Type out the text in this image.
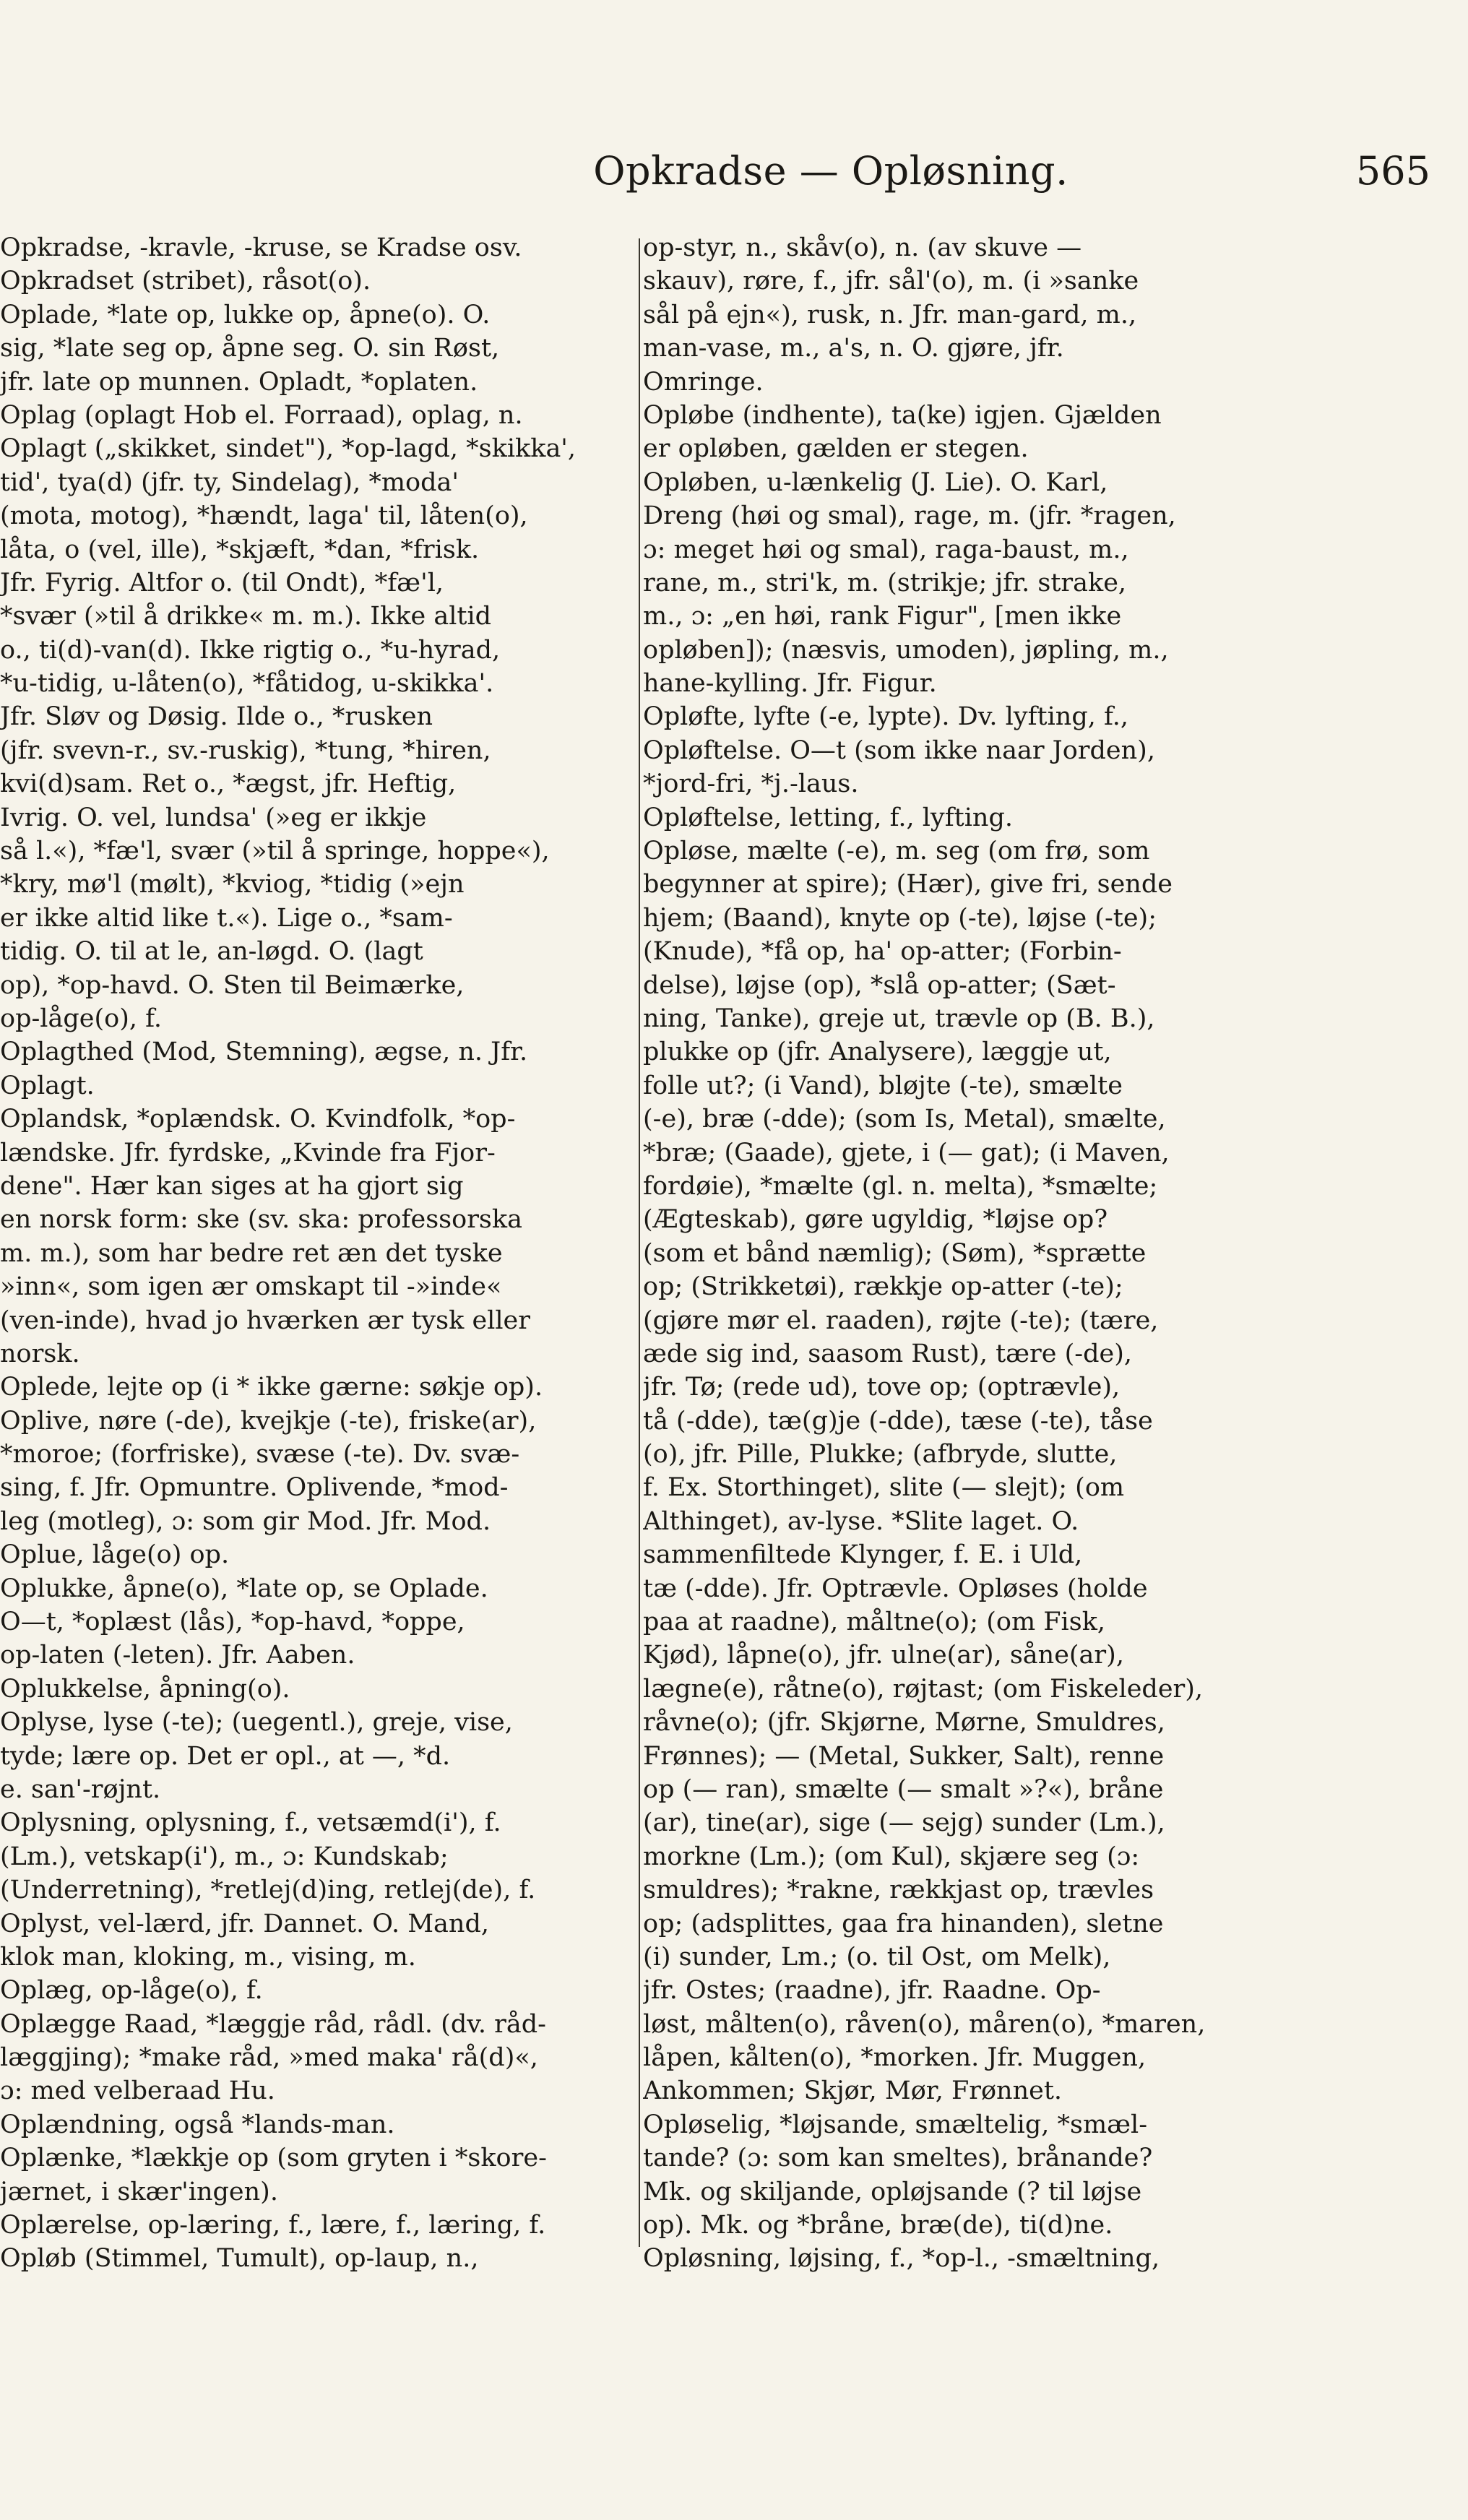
Opkradse — Opløsning.	565
Opkradse, -kravle, -kruse, se Kradse osv.
Opkradset (stribet), råsot(o).
Oplade, *late op, lukke op, åpne(o). O.
sig, *late seg op, åpne seg. O. sin Røst,
jfr. late op munnen. Opladt, *oplaten.
Oplag (oplagt Hob el. Forraad), oplag, n.
Oplagt („skikket, sindet"), *op-lagd, *skikka',
tid', tya(d) (jfr. ty, Sindelag), *moda'
(mota, motog), *hændt, laga' til, låten(o),
låta, o (vel, ille), *skjæft, *dan, *frisk.
Jfr. Fyrig. Altfor o. (til Ondt), *fæ'l,
*svær (»til å drikke« m. m.). Ikke altid
o., ti(d)-van(d). Ikke rigtig o., *u-hyrad,
*u-tidig, u-låten(o), *fåtidog, u-skikka'.
Jfr. Sløv og Døsig. Ilde o., *rusken
(jfr. svevn-r., sv.-ruskig), *tung, *hiren,
kvi(d)sam. Ret o., *ægst, jfr. Heftig,
Ivrig. O. vel, lundsa' (»eg er ikkje
så l.«), *fæ'l, svær (»til å springe, hoppe«),
*kry, mø'l (mølt), *kviog, *tidig (»ejn
er ikke altid like t.«). Lige o., *sam-
tidig. O. til at le, an-løgd. O. (lagt
op), *op-havd. O. Sten til Beimærke,
op-låge(o), f.
Oplagthed (Mod, Stemning), ægse, n. Jfr.
Oplagt.
Oplandsk, *oplændsk. O. Kvindfolk, *op-
lændske. Jfr. fyrdske, „Kvinde fra Fjor-
dene". Hær kan siges at ha gjort sig
en norsk form: ske (sv. ska: professorska
m. m.), som har bedre ret æn det tyske
»inn«, som igen ær omskapt til -»inde«
(ven-inde), hvad jo hværken ær tysk eller
norsk.
Oplede, lejte op (i * ikke gærne: søkje op).
Oplive, nøre (-de), kvejkje (-te), friske(ar),
*moroe; (forfriske), svæse (-te). Dv. svæ-
sing, f. Jfr. Opmuntre. Oplivende, *mod-
leg (motleg), ɔ: som gir Mod. Jfr. Mod.
Oplue, låge(o) op.
Oplukke, åpne(o), *late op, se Oplade.
O—t, *oplæst (lås), *op-havd, *oppe,
op-laten (-leten). Jfr. Aaben.
Oplukkelse, åpning(o).
Oplyse, lyse (-te); (uegentl.), greje, vise,
tyde; lære op. Det er opl., at —, *d.
e. san'-røjnt.
Oplysning, oplysning, f., vetsæmd(i'), f.
(Lm.), vetskap(i'), m., ɔ: Kundskab;
(Underretning), *retlej(d)ing, retlej(de), f.
Oplyst, vel-lærd, jfr. Dannet. O. Mand,
klok man, kloking, m., vising, m.
Oplæg, op-låge(o), f.
Oplægge Raad, *læggje råd, rådl. (dv. råd-
læggjing); *make råd, »med maka' rå(d)«,
ɔ: med velberaad Hu.
Oplændning, også *lands-man.
Oplænke, *lækkje op (som gryten i *skore-
jærnet, i skær'ingen).
Oplærelse, op-læring, f., lære, f., læring, f.
Opløb (Stimmel, Tumult), op-laup, n.,
op-styr, n., skåv(o), n. (av skuve —
skauv), røre, f., jfr. sål'(o), m. (i »sanke
sål på ejn«), rusk, n. Jfr. man-gard, m.,
man-vase, m., a's, n. O. gjøre, jfr.
Omringe.
Opløbe (indhente), ta(ke) igjen. Gjælden
er opløben, gælden er stegen.
Opløben, u-lænkelig (J. Lie). O. Karl,
Dreng (høi og smal), rage, m. (jfr. *ragen,
ɔ: meget høi og smal), raga-baust, m.,
rane, m., stri'k, m. (strikje; jfr. strake,
m., ɔ: „en høi, rank Figur", [men ikke
opløben]); (næsvis, umoden), jøpling, m.,
hane-kylling. Jfr. Figur.
Opløfte, lyfte (-e, lypte). Dv. lyfting, f.,
Opløftelse. O—t (som ikke naar Jorden),
*jord-fri, *j.-laus.
Opløftelse, letting, f., lyfting.
Opløse, mælte (-e), m. seg (om frø, som
begynner at spire); (Hær), give fri, sende
hjem; (Baand), knyte op (-te), løjse (-te);
(Knude), *få op, ha' op-atter; (Forbin-
delse), løjse (op), *slå op-atter; (Sæt-
ning, Tanke), greje ut, trævle op (B. B.),
plukke op (jfr. Analysere), læggje ut,
folle ut?; (i Vand), bløjte (-te), smælte
(-e), bræ (-dde); (som Is, Metal), smælte,
*bræ; (Gaade), gjete, i (— gat); (i Maven,
fordøie), *mælte (gl. n. melta), *smælte;
(Ægteskab), gøre ugyldig, *løjse op?
(som et bånd næmlig); (Søm), *sprætte
op; (Strikketøi), rækkje op-atter (-te);
(gjøre mør el. raaden), røjte (-te); (tære,
æde sig ind, saasom Rust), tære (-de),
jfr. Tø; (rede ud), tove op; (optrævle),
tå (-dde), tæ(g)je (-dde), tæse (-te), tåse
(o), jfr. Pille, Plukke; (afbryde, slutte,
f. Ex. Storthinget), slite (— slejt); (om
Althinget), av-lyse. *Slite laget. O.
sammenfiltede Klynger, f. E. i Uld,
tæ (-dde). Jfr. Optrævle. Opløses (holde
paa at raadne), måltne(o); (om Fisk,
Kjød), låpne(o), jfr. ulne(ar), såne(ar),
lægne(e), råtne(o), røjtast; (om Fiskeleder),
råvne(o); (jfr. Skjørne, Mørne, Smuldres,
Frønnes); — (Metal, Sukker, Salt), renne
op (— ran), smælte (— smalt »?«), bråne
(ar), tine(ar), sige (— sejg) sunder (Lm.),
morkne (Lm.); (om Kul), skjære seg (ɔ:
smuldres); *rakne, rækkjast op, trævles
op; (adsplittes, gaa fra hinanden), sletne
(i) sunder, Lm.; (o. til Ost, om Melk),
jfr. Ostes; (raadne), jfr. Raadne. Op-
løst, målten(o), råven(o), måren(o), *maren,
låpen, kålten(o), *morken. Jfr. Muggen,
Ankommen; Skjør, Mør, Frønnet.
Opløselig, *løjsande, smæltelig, *smæl-
tande? (ɔ: som kan smeltes), brånande?
Mk. og skiljande, opløjsande (? til løjse
op). Mk. og *bråne, bræ(de), ti(d)ne.
Opløsning, løjsing, f., *op-l., -smæltning,
